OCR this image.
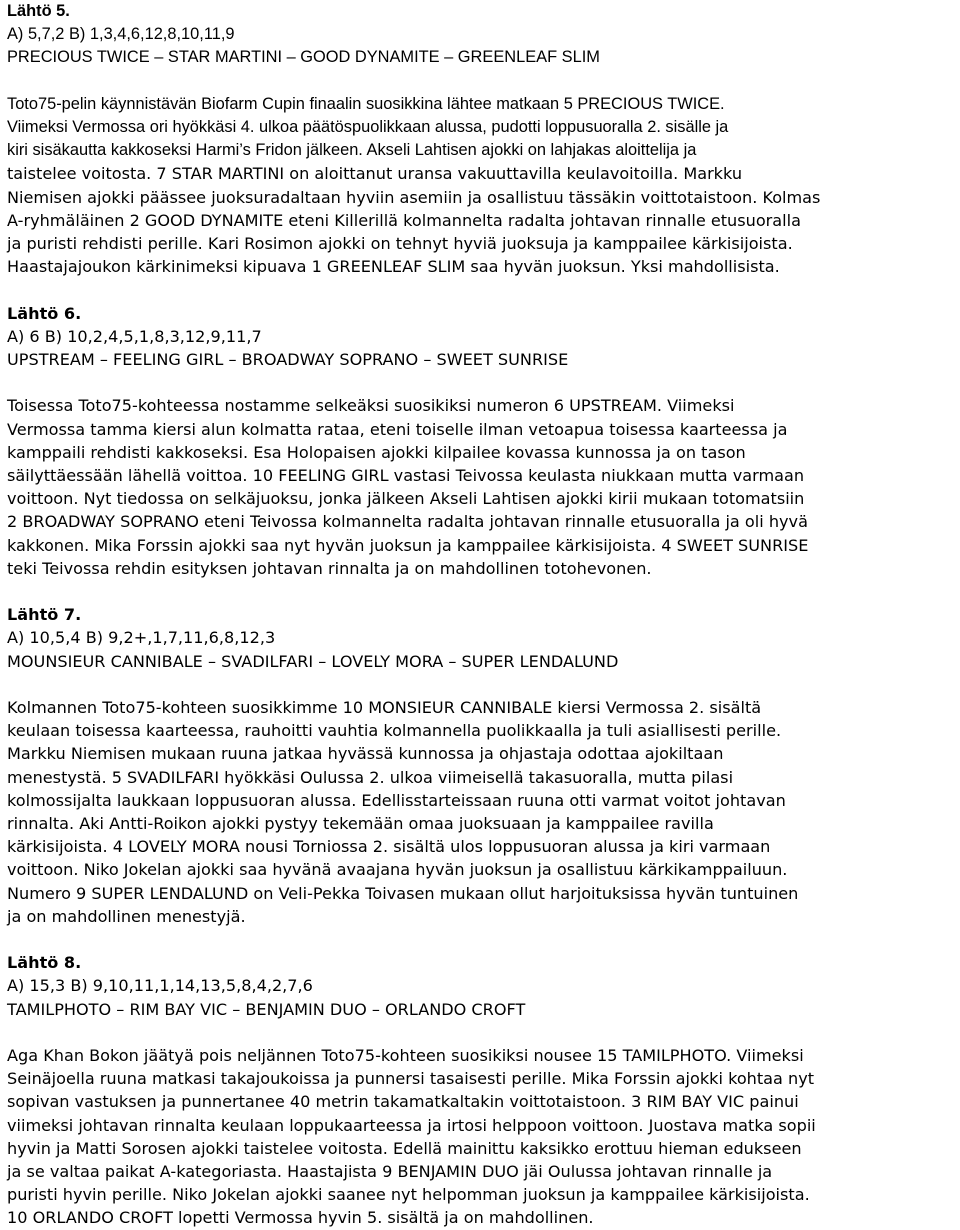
Lähtö 5.
A) 5,7,2 B) 1,3,4,6,12,8,10,11,9
PRECIOUS TWICE – STAR MARTINI – GOOD DYNAMITE – GREENLEAF SLIM
Toto75-pelin käynnistävän Biofarm Cupin finaalin suosikkina lähtee matkaan 5 PRECIOUS TWICE.
Viimeksi Vermossa ori hyökkäsi 4. ulkoa päätöspuolikkaan alussa, pudotti loppusuoralla 2. sisälle ja
kiri sisäkautta kakkoseksi Harmi’s Fridon jälkeen. Akseli Lahtisen ajokki on lahjakas aloittelija ja
taistelee voitosta. 7 STAR MARTINI on aloittanut uransa vakuuttavilla keulavoitoilla. Markku
Niemisen ajokki päässee juoksuradaltaan hyviin asemiin ja osallistuu tässäkin voittotaistoon. Kolmas
A-ryhmäläinen 2 GOOD DYNAMITE eteni Killerillä kolmannelta radalta johtavan rinnalle etusuoralla
ja puristi rehdisti perille. Kari Rosimon ajokki on tehnyt hyviä juoksuja ja kamppailee kärkisijoista.
Haastajajoukon kärkinimeksi kipuava 1 GREENLEAF SLIM saa hyvän juoksun. Yksi mahdollisista.
Lähtö 6.
A) 6 B) 10,2,4,5,1,8,3,12,9,11,7
UPSTREAM – FEELING GIRL – BROADWAY SOPRANO – SWEET SUNRISE
Toisessa Toto75-kohteessa nostamme selkeäksi suosikiksi numeron 6 UPSTREAM. Viimeksi
Vermossa tamma kiersi alun kolmatta rataa, eteni toiselle ilman vetoapua toisessa kaarteessa ja
kamppaili rehdisti kakkoseksi. Esa Holopaisen ajokki kilpailee kovassa kunnossa ja on tason
säilyttäessään lähellä voittoa. 10 FEELING GIRL vastasi Teivossa keulasta niukkaan mutta varmaan
voittoon. Nyt tiedossa on selkäjuoksu, jonka jälkeen Akseli Lahtisen ajokki kirii mukaan totomatsiin
2 BROADWAY SOPRANO eteni Teivossa kolmannelta radalta johtavan rinnalle etusuoralla ja oli hyvä
kakkonen. Mika Forssin ajokki saa nyt hyvän juoksun ja kamppailee kärkisijoista. 4 SWEET SUNRISE
teki Teivossa rehdin esityksen johtavan rinnalta ja on mahdollinen totohevonen.
Lähtö 7.
A) 10,5,4 B) 9,2+,1,7,11,6,8,12,3
MOUNSIEUR CANNIBALE – SVADILFARI – LOVELY MORA – SUPER LENDALUND
Kolmannen Toto75-kohteen suosikkimme 10 MONSIEUR CANNIBALE kiersi Vermossa 2. sisältä
keulaan toisessa kaarteessa, rauhoitti vauhtia kolmannella puolikkaalla ja tuli asiallisesti perille.
Markku Niemisen mukaan ruuna jatkaa hyvässä kunnossa ja ohjastaja odottaa ajokiltaan
menestystä. 5 SVADILFARI hyökkäsi Oulussa 2. ulkoa viimeisellä takasuoralla, mutta pilasi
kolmossijalta laukkaan loppusuoran alussa. Edellisstarteissaan ruuna otti varmat voitot johtavan
rinnalta. Aki Antti-Roikon ajokki pystyy tekemään omaa juoksuaan ja kamppailee ravilla
kärkisijoista. 4 LOVELY MORA nousi Torniossa 2. sisältä ulos loppusuoran alussa ja kiri varmaan
voittoon. Niko Jokelan ajokki saa hyvänä avaajana hyvän juoksun ja osallistuu kärkikamppailuun.
Numero 9 SUPER LENDALUND on Veli-Pekka Toivasen mukaan ollut harjoituksissa hyvän tuntuinen
ja on mahdollinen menestyjä.
Lähtö 8.
A) 15,3 B) 9,10,11,1,14,13,5,8,4,2,7,6
TAMILPHOTO – RIM BAY VIC – BENJAMIN DUO – ORLANDO CROFT
Aga Khan Bokon jäätyä pois neljännen Toto75-kohteen suosikiksi nousee 15 TAMILPHOTO. Viimeksi
Seinäjoella ruuna matkasi takajoukoissa ja punnersi tasaisesti perille. Mika Forssin ajokki kohtaa nyt
sopivan vastuksen ja punnertanee 40 metrin takamatkaltakin voittotaistoon. 3 RIM BAY VIC painui
viimeksi johtavan rinnalta keulaan loppukaarteessa ja irtosi helppoon voittoon. Juostava matka sopii
hyvin ja Matti Sorosen ajokki taistelee voitosta. Edellä mainittu kaksikko erottuu hieman edukseen
ja se valtaa paikat A-kategoriasta. Haastajista 9 BENJAMIN DUO jäi Oulussa johtavan rinnalle ja
puristi hyvin perille. Niko Jokelan ajokki saanee nyt helpomman juoksun ja kamppailee kärkisijoista.
10 ORLANDO CROFT lopetti Vermossa hyvin 5. sisältä ja on mahdollinen.
